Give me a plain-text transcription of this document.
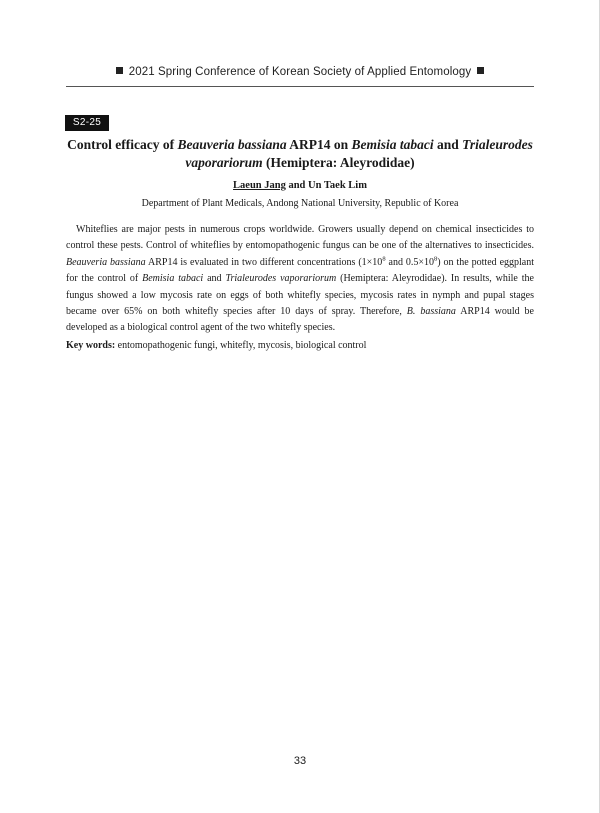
2021 Spring Conference of Korean Society of Applied Entomology
S2-25
Control efficacy of Beauveria bassiana ARP14 on Bemisia tabaci and Trialeurodes
vaporariorum (Hemiptera: Aleyrodidae)
Laeun Jang and Un Taek Lim
Department of Plant Medicals, Andong National University, Republic of Korea

Whiteflies are major pests in numerous crops worldwide. Growers usually depend on chemical insecticides to control these pests. Control of whiteflies by entomopathogenic fungus can be one of the alternatives to insecticides. Beauveria bassiana ARP14 is evaluated in two different concentrations ($1\times 10^8$ and $0.5\times 10^8$) on the potted eggplant for the control of Bemisia tabaci and Trialeurodes vaporariorum (Hemiptera: Aleyrodidae). In results, while the fungus showed a low mycosis rate on eggs of both whitefly species, mycosis rates in nymph and pupal stages became over 65% on both whitefly species after 10 days of spray. Therefore, B. bassiana ARP14 would be developed as a biological control agent of the two whitefly species.

Key words: entomopathogenic fungi, whitefly, mycosis, biological control
33
